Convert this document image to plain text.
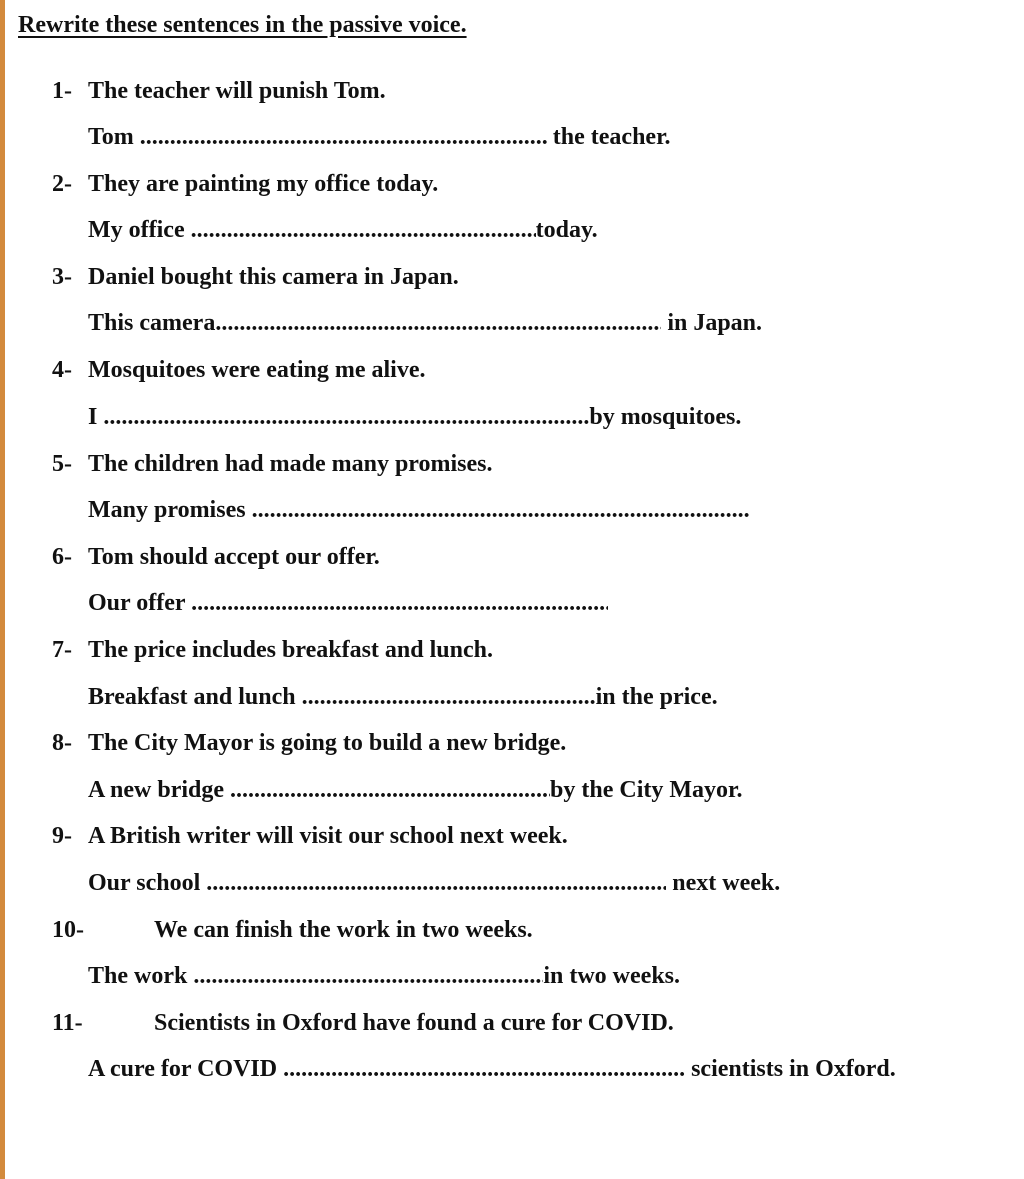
Rewrite these sentences in the passive voice.
1- The teacher will punish Tom.
Tom .....	the teacher.
2- They are painting my office today.
My office .....	today.
3- Daniel bought this camera in Japan.
This camera .....	in Japan.
4- Mosquitoes were eating me alive.
I .....	by mosquitoes.
5- The children had made many promises.
Many promises
.....
6- Tom should accept our offer.
Our offer
.....
7- The price includes breakfast and lunch.
Breakfast and lunch .....	in the price.
8- The City Mayor is going to build a new bridge.
A new bridge .....	by the City Mayor.
9- A British writer will visit our school next week.
Our school .....	next week.
10-	We can finish the work in two weeks.
The work .....	in two weeks.
11-	Scientists in Oxford have found a cure for COVID.
A cure for COVID .....	scientists in Oxford.
